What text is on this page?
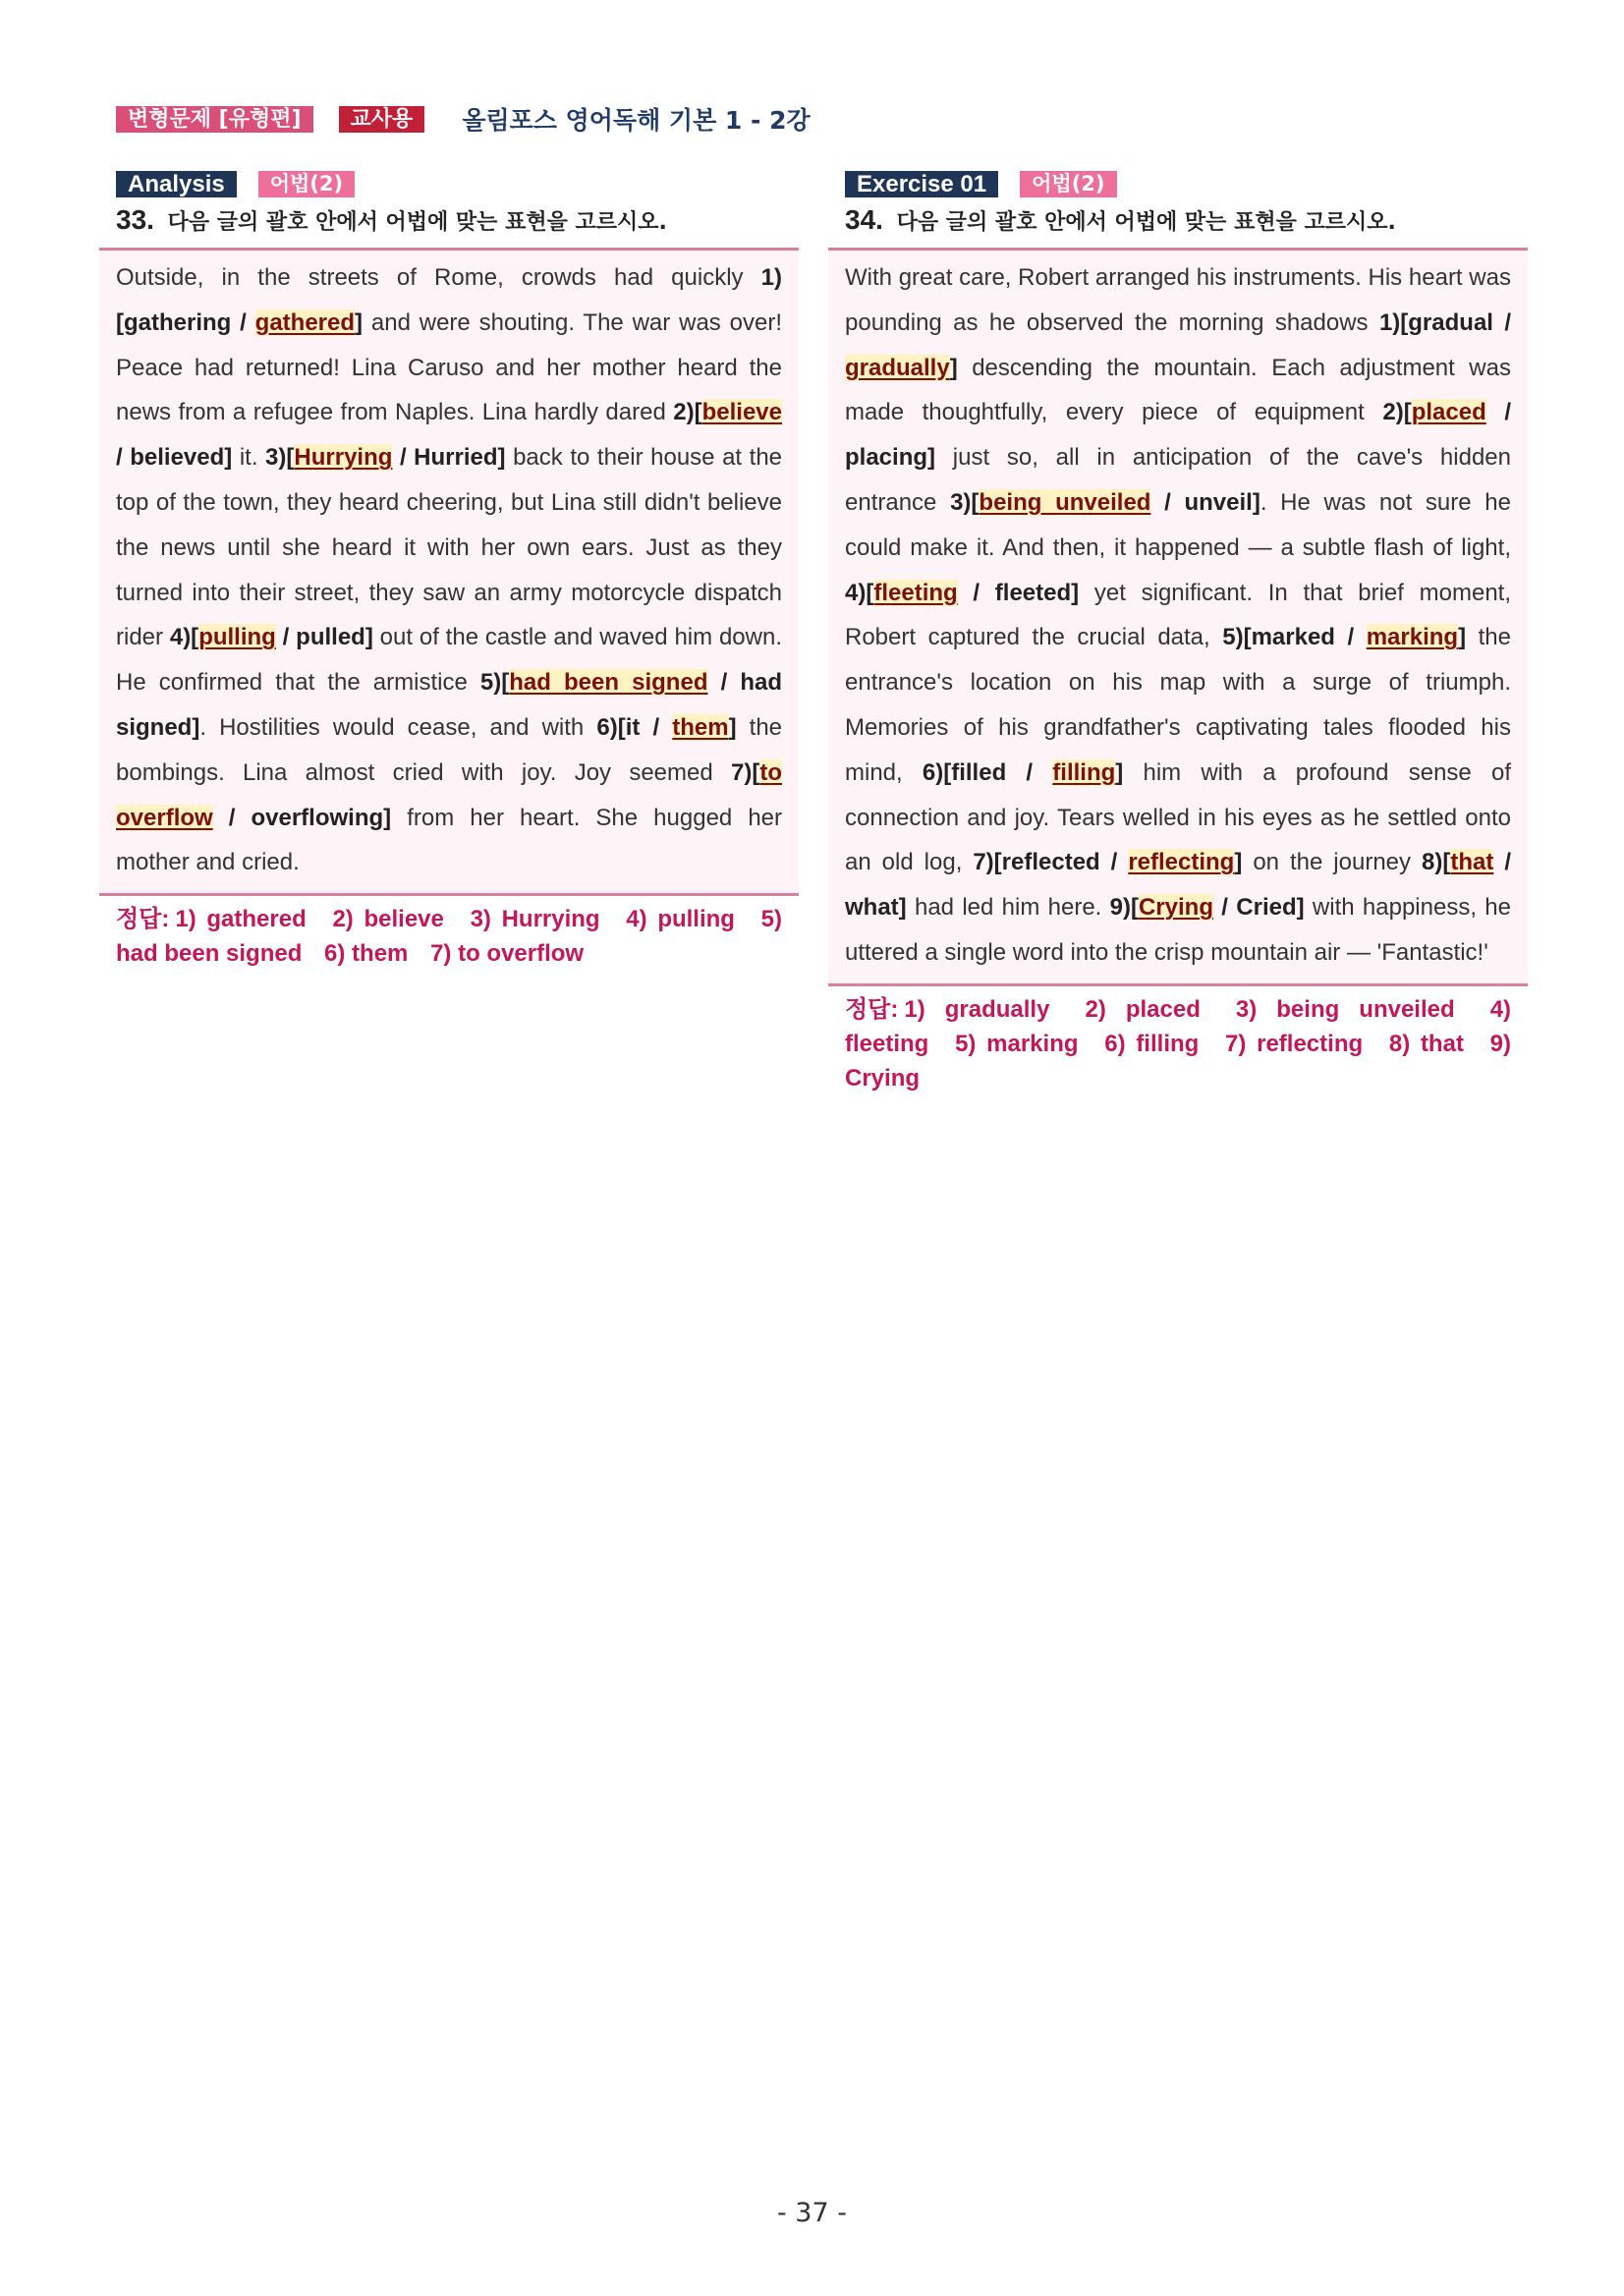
변형문제 [유형편]	교사용	올림포스 영어독해 기본 1 - 2강
Analysis	어법(2)
33. 다음 글의 괄호 안에서 어법에 맞는 표현을 고르시오.
Outside, in the streets of Rome, crowds had quickly 1)[gathering / gathered] and were shouting. The war was over! Peace had returned! Lina Caruso and her mother heard the news from a refugee from Naples. Lina hardly dared 2)[believe / believed] it. 3)[Hurrying / Hurried] back to their house at the top of the town, they heard cheering, but Lina still didn't believe the news until she heard it with her own ears. Just as they turned into their street, they saw an army motorcycle dispatch rider 4)[pulling / pulled] out of the castle and waved him down. He confirmed that the armistice 5)[had been signed / had signed]. Hostilities would cease, and with 6)[it / them] the bombings. Lina almost cried with joy. Joy seemed 7)[to overflow / overflowing] from her heart. She hugged her mother and cried.
정답: 1) gathered 2) believe 3) Hurrying 4) pulling 5) had been signed 6) them 7) to overflow
Exercise 01	어법(2)
34. 다음 글의 괄호 안에서 어법에 맞는 표현을 고르시오.
With great care, Robert arranged his instruments. His heart was pounding as he observed the morning shadows 1)[gradual / gradually] descending the mountain. Each adjustment was made thoughtfully, every piece of equipment 2)[placed / placing] just so, all in anticipation of the cave's hidden entrance 3)[being unveiled / unveil]. He was not sure he could make it. And then, it happened — a subtle flash of light, 4)[fleeting / fleeted] yet significant. In that brief moment, Robert captured the crucial data, 5)[marked / marking] the entrance's location on his map with a surge of triumph. Memories of his grandfather's captivating tales flooded his mind, 6)[filled / filling] him with a profound sense of connection and joy. Tears welled in his eyes as he settled onto an old log, 7)[reflected / reflecting] on the journey 8)[that / what] had led him here. 9)[Crying / Cried] with happiness, he uttered a single word into the crisp mountain air — 'Fantastic!'
정답: 1) gradually 2) placed 3) being unveiled 4) fleeting 5) marking 6) filling 7) reflecting 8) that 9) Crying
- 37 -
